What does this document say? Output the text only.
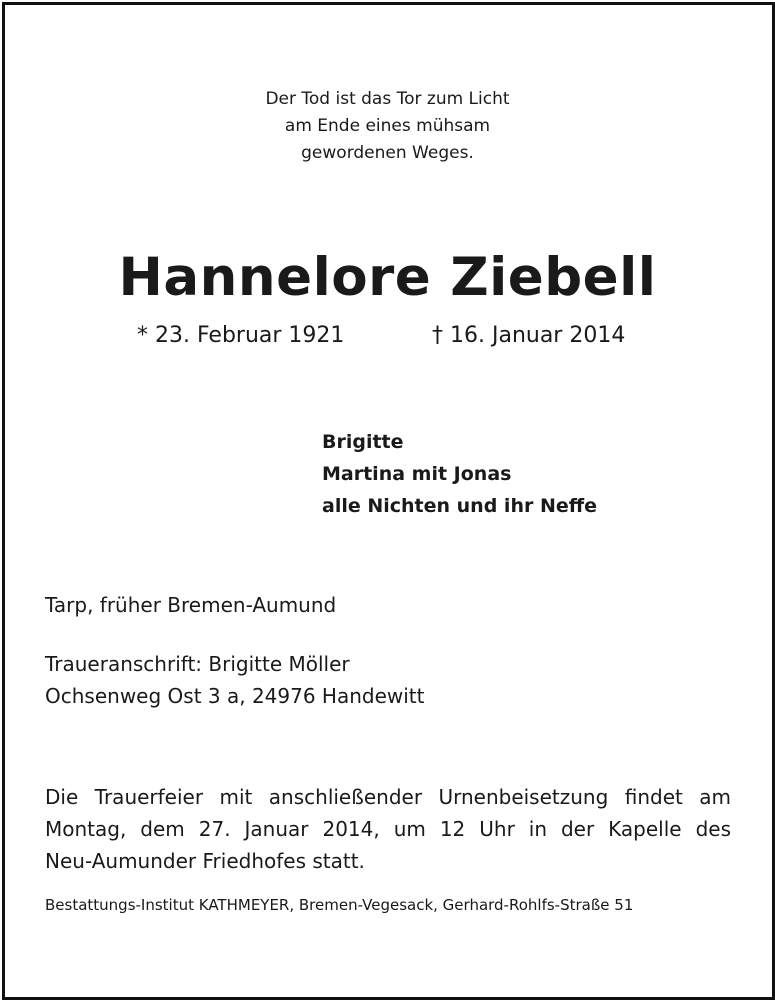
Der Tod ist das Tor zum Licht
am Ende eines mühsam
gewordenen Weges.
Hannelore Ziebell
* 23. Februar 1921	† 16. Januar 2014
Brigitte
Martina mit Jonas
alle Nichten und ihr Neffe
Tarp, früher Bremen-Aumund
Traueranschrift: Brigitte Möller
Ochsenweg Ost 3 a, 24976 Handewitt
Die Trauerfeier mit anschließender Urnenbeisetzung findet am
Montag, dem 27. Januar 2014, um 12 Uhr in der Kapelle des
Neu-Aumunder Friedhofes statt.
Bestattungs-Institut KATHMEYER, Bremen-Vegesack, Gerhard-Rohlfs-Straße 51
